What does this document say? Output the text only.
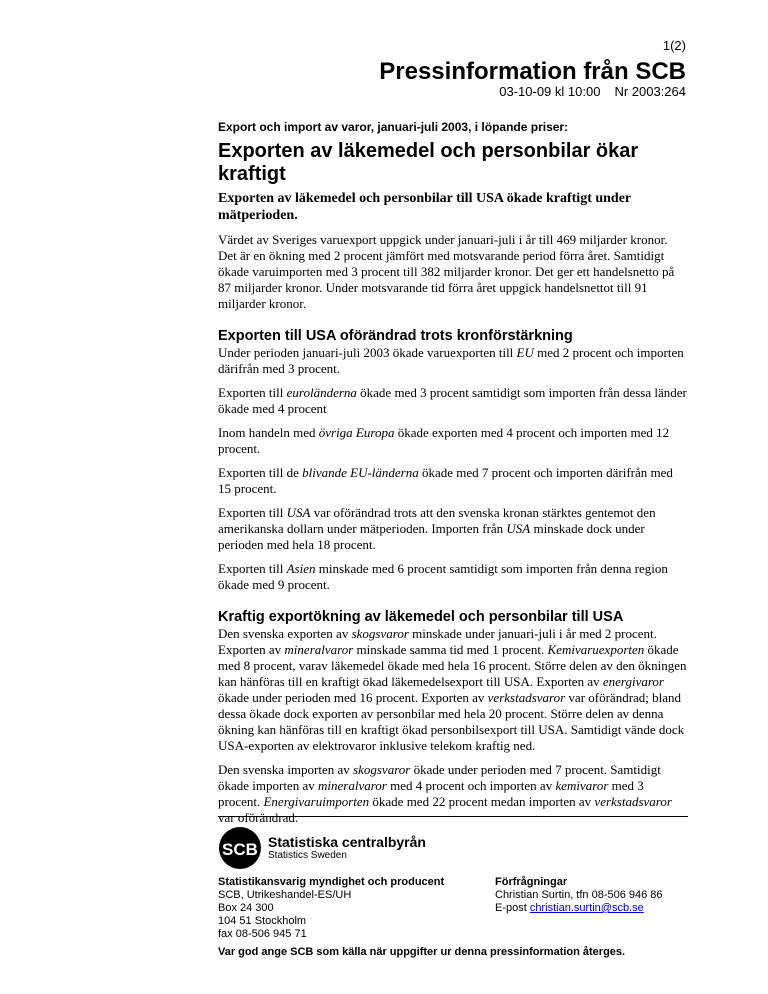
1(2)
Pressinformation från SCB
03-10-09 kl 10:00 Nr 2003:264
Export och import av varor, januari-juli 2003, i löpande priser:
Exporten av läkemedel och personbilar ökar kraftigt
Exporten av läkemedel och personbilar till USA ökade kraftigt under mätperioden.

Värdet av Sveriges varuexport uppgick under januari-juli i år till 469 miljarder kronor. Det är en ökning med 2 procent jämfört med motsvarande period förra året. Samtidigt ökade varuimporten med 3 procent till 382 miljarder kronor. Det ger ett handelsnetto på 87 miljarder kronor. Under motsvarande tid förra året uppgick handelsnettot till 91 miljarder kronor.

Exporten till USA oförändrad trots kronförstärkning

Under perioden januari-juli 2003 ökade varuexporten till EU med 2 procent och importen därifrån med 3 procent.

Exporten till euroländerna ökade med 3 procent samtidigt som importen från dessa länder ökade med 4 procent

Inom handeln med övriga Europa ökade exporten med 4 procent och importen med 12 procent.

Exporten till de blivande EU-länderna ökade med 7 procent och importen därifrån med 15 procent.

Exporten till USA var oförändrad trots att den svenska kronan stärktes gentemot den amerikanska dollarn under mätperioden. Importen från USA minskade dock under perioden med hela 18 procent.

Exporten till Asien minskade med 6 procent samtidigt som importen från denna region ökade med 9 procent.

Kraftig exportökning av läkemedel och personbilar till USA

Den svenska exporten av skogsvaror minskade under januari-juli i år med 2 procent. Exporten av mineralvaror minskade samma tid med 1 procent. Kemivaruexporten ökade med 8 procent, varav läkemedel ökade med hela 16 procent. Större delen av den ökningen kan hänföras till en kraftigt ökad läkemedelsexport till USA. Exporten av energivaror ökade under perioden med 16 procent. Exporten av verkstadsvaror var oförändrad; bland dessa ökade dock exporten av personbilar med hela 20 procent. Större delen av denna ökning kan hänföras till en kraftigt ökad personbilsexport till USA. Samtidigt vände dock USA-exporten av elektrovaror inklusive telekom kraftig ned.

Den svenska importen av skogsvaror ökade under perioden med 7 procent. Samtidigt ökade importen av mineralvaror med 4 procent och importen av kemivaror med 3 procent. Energivaruimporten ökade med 22 procent medan importen av verkstadsvaror var oförändrad.

SCB Statistiska centralbyrån
Statistics Sweden
Statistikansvarig myndighet och producent
SCB, Utrikeshandel-ES/UH
Box 24 300
104 51 Stockholm
fax 08-506 945 71
Förfrågningar
Christian Surtin, tfn 08-506 946 86
E-post christian.surtin@scb.se
Var god ange SCB som källa när uppgifter ur denna pressinformation återges.
